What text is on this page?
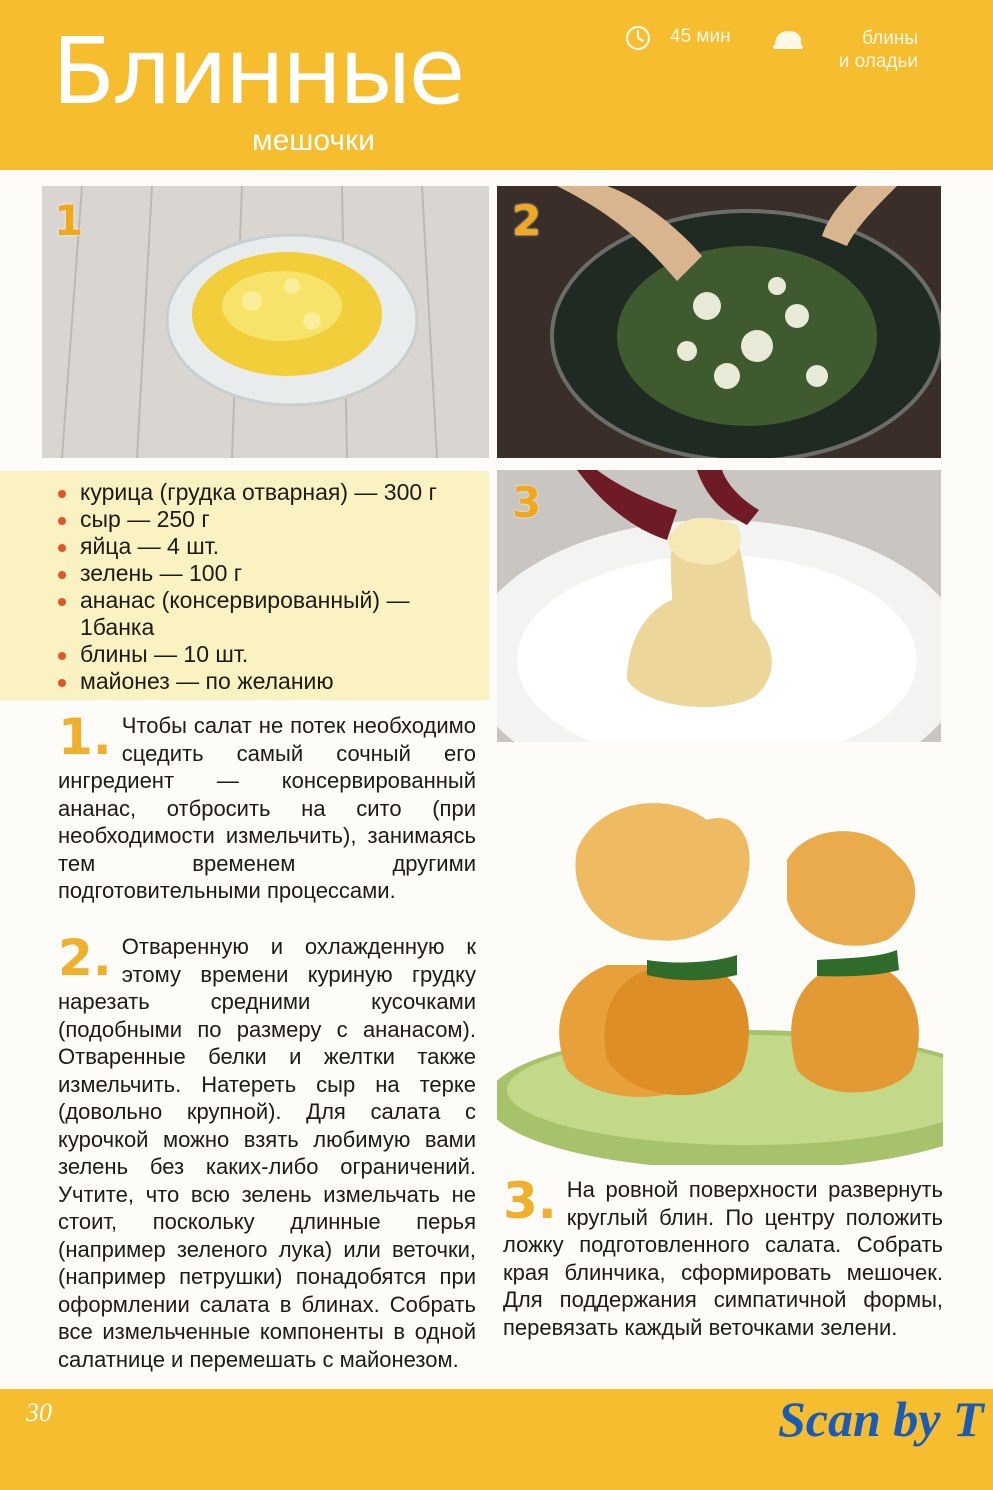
Блинные
мешочки
45 мин	блины
и оладьи
1	2
3
курица (грудка отварная) — 300 г
сыр — 250 г
яйца — 4 шт.
зелень — 100 г
ананас (консервированный) — 1банка
блины — 10 шт.
майонез — по желанию
1. Чтобы салат не потек необходимо сцедить самый сочный его ингредиент — консервированный ананас, отбросить на сито (при необходимости измельчить), занимаясь тем временем другими подготовительными процессами.
2. Отваренную и охлажденную к этому времени куриную грудку нарезать средними кусочками (подобными по размеру с ананасом). Отваренные белки и желтки также измельчить. Натереть сыр на терке (довольно крупной). Для салата с курочкой можно взять любимую вами зелень без каких-либо ограничений. Учтите, что всю зелень измельчать не стоит, поскольку длинные перья (например зеленого лука) или веточки, (например петрушки) понадобятся при оформлении салата в блинах. Собрать все измельченные компоненты в одной салатнице и перемешать с майонезом.
3. На ровной поверхности развернуть круглый блин. По центру положить ложку подготовленного салата. Собрать края блинчика, сформировать мешочек. Для поддержания симпатичной формы, перевязать каждый веточками зелени.
30	Scan by T
